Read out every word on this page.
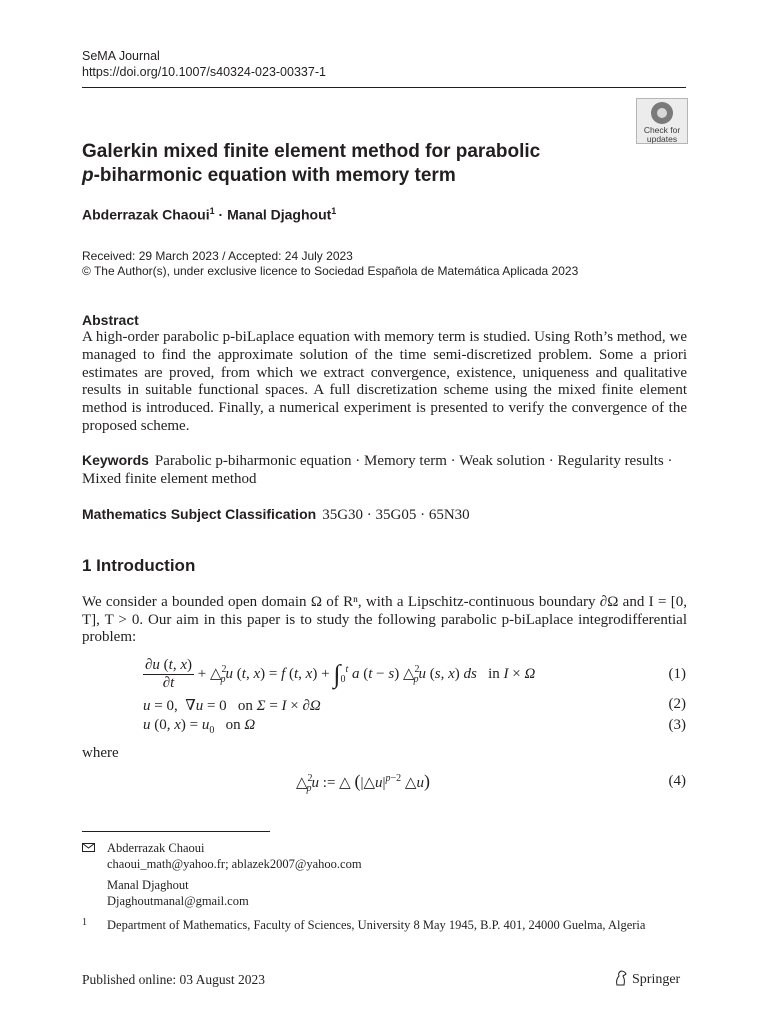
SeMA Journal
https://doi.org/10.1007/s40324-023-00337-1
Check for
updates
Galerkin mixed finite element method for parabolic
p-biharmonic equation with memory term
Abderrazak Chaoui$^1$ · Manal Djaghout$^1$
Received: 29 March 2023 / Accepted: 24 July 2023
© The Author(s), under exclusive licence to Sociedad Española de Matemática Aplicada 2023
Abstract
A high-order parabolic p-biLaplace equation with memory term is studied. Using Roth’s method, we managed to find the approximate solution of the time semi-discretized problem. Some a priori estimates are proved, from which we extract convergence, existence, uniqueness and qualitative results in suitable functional spaces. A full discretization scheme using the mixed finite element method is introduced. Finally, a numerical experiment is presented to verify the convergence of the proposed scheme.
Keywords Parabolic p-biharmonic equation · Memory term · Weak solution · Regularity results · Mixed finite element method
Mathematics Subject Classification 35G30 · 35G05 · 65N30
1 Introduction
We consider a bounded open domain Ω of Rⁿ, with a Lipschitz-continuous boundary ∂Ω and I = [0, T], T > 0. Our aim in this paper is to study the following parabolic p-biLaplace integrodifferential problem:
$\frac{\partial u (t, x)}{\partial t}$ + △$^2_p$u (t, x) = f (t, $x) + \int_0^t$ a (t − s) △$^2_p$u (s, x) ds   in I × Ω	(1)
u = 0,  ∇u = 0   on Σ = I × ∂Ω	(2)
u (0, $x) = u_0$   on Ω	(3)
where
△$^2_p$u := △ ($|\triangle u|^{p-2}$ △u)	(4)
Abderrazak Chaoui
chaoui_math@yahoo.fr; ablazek2007@yahoo.com
Manal Djaghout
Djaghoutmanal@gmail.com
1	Department of Mathematics, Faculty of Sciences, University 8 May 1945, B.P. 401, 24000 Guelma, Algeria
Published online: 03 August 2023	Springer
